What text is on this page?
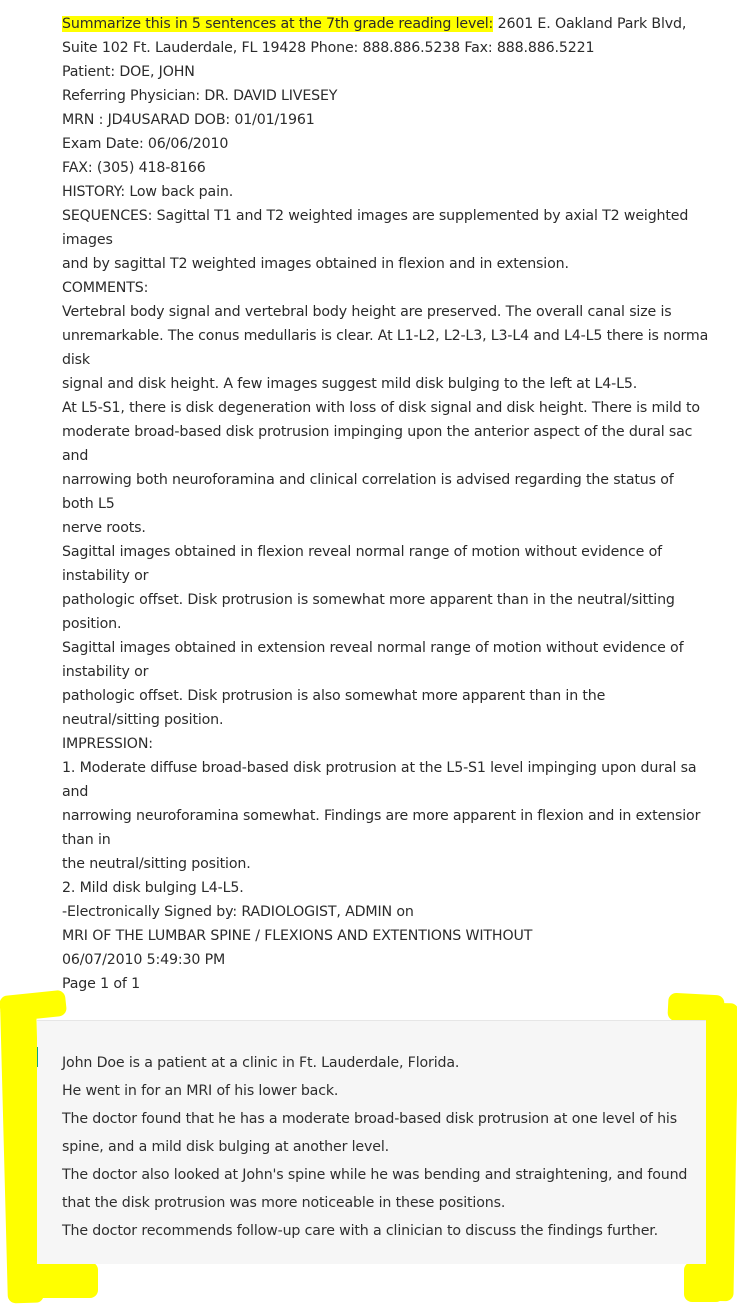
Summarize this in 5 sentences at the 7th grade reading level: 2601 E. Oakland Park Blvd,
Suite 102 Ft. Lauderdale, FL 19428 Phone: 888.886.5238 Fax: 888.886.5221
Patient: DOE, JOHN
Referring Physician: DR. DAVID LIVESEY
MRN : JD4USARAD DOB: 01/01/1961
Exam Date: 06/06/2010
FAX: (305) 418-8166
HISTORY: Low back pain.
SEQUENCES: Sagittal T1 and T2 weighted images are supplemented by axial T2 weighted
images
and by sagittal T2 weighted images obtained in flexion and in extension.
COMMENTS:
Vertebral body signal and vertebral body height are preserved. The overall canal size is
unremarkable. The conus medullaris is clear. At L1-L2, L2-L3, L3-L4 and L4-L5 there is norma
disk
signal and disk height. A few images suggest mild disk bulging to the left at L4-L5.
At L5-S1, there is disk degeneration with loss of disk signal and disk height. There is mild to
moderate broad-based disk protrusion impinging upon the anterior aspect of the dural sac
and
narrowing both neuroforamina and clinical correlation is advised regarding the status of
both L5
nerve roots.
Sagittal images obtained in flexion reveal normal range of motion without evidence of
instability or
pathologic offset. Disk protrusion is somewhat more apparent than in the neutral/sitting
position.
Sagittal images obtained in extension reveal normal range of motion without evidence of
instability or
pathologic offset. Disk protrusion is also somewhat more apparent than in the
neutral/sitting position.
IMPRESSION:
1. Moderate diffuse broad-based disk protrusion at the L5-S1 level impinging upon dural sa
and
narrowing neuroforamina somewhat. Findings are more apparent in flexion and in extensior
than in
the neutral/sitting position.
2. Mild disk bulging L4-L5.
-Electronically Signed by: RADIOLOGIST, ADMIN on
MRI OF THE LUMBAR SPINE / FLEXIONS AND EXTENTIONS WITHOUT
06/07/2010 5:49:30 PM
Page 1 of 1
John Doe is a patient at a clinic in Ft. Lauderdale, Florida.
He went in for an MRI of his lower back.
The doctor found that he has a moderate broad-based disk protrusion at one level of his
spine, and a mild disk bulging at another level.
The doctor also looked at John's spine while he was bending and straightening, and found
that the disk protrusion was more noticeable in these positions.
The doctor recommends follow-up care with a clinician to discuss the findings further.
